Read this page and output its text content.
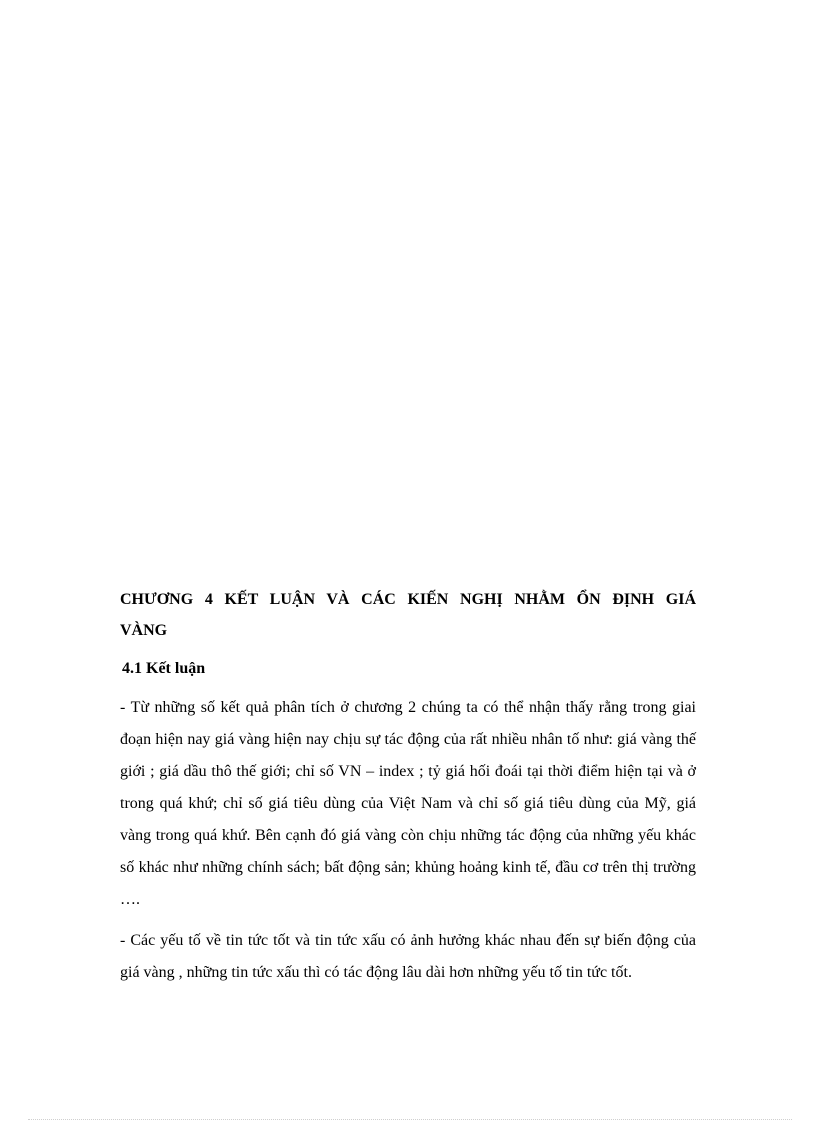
CHƯƠNG 4 KẾT LUẬN VÀ CÁC KIẾN NGHỊ NHẰM ỔN ĐỊNH GIÁ VÀNG
4.1 Kết luận

- Từ những số kết quả phân tích ở chương 2 chúng ta có thể nhận thấy rằng trong giai đoạn hiện nay giá vàng hiện nay chịu sự tác động của rất nhiều nhân tố như: giá vàng thế giới ; giá dầu thô thế giới; chỉ số VN – index ; tỷ giá hối đoái tại thời điểm hiện tại và ở trong quá khứ; chỉ số giá tiêu dùng của Việt Nam và chỉ số giá tiêu dùng của Mỹ, giá vàng trong quá khứ. Bên cạnh đó giá vàng còn chịu những tác động của những yếu khác số khác như những chính sách; bất động sản; khủng hoảng kinh tế, đầu cơ trên thị trường ….

- Các yếu tố về tin tức tốt và tin tức xấu có ảnh hưởng khác nhau đến sự biến động của giá vàng , những tin tức xấu thì có tác động lâu dài hơn những yếu tố tin tức tốt.
